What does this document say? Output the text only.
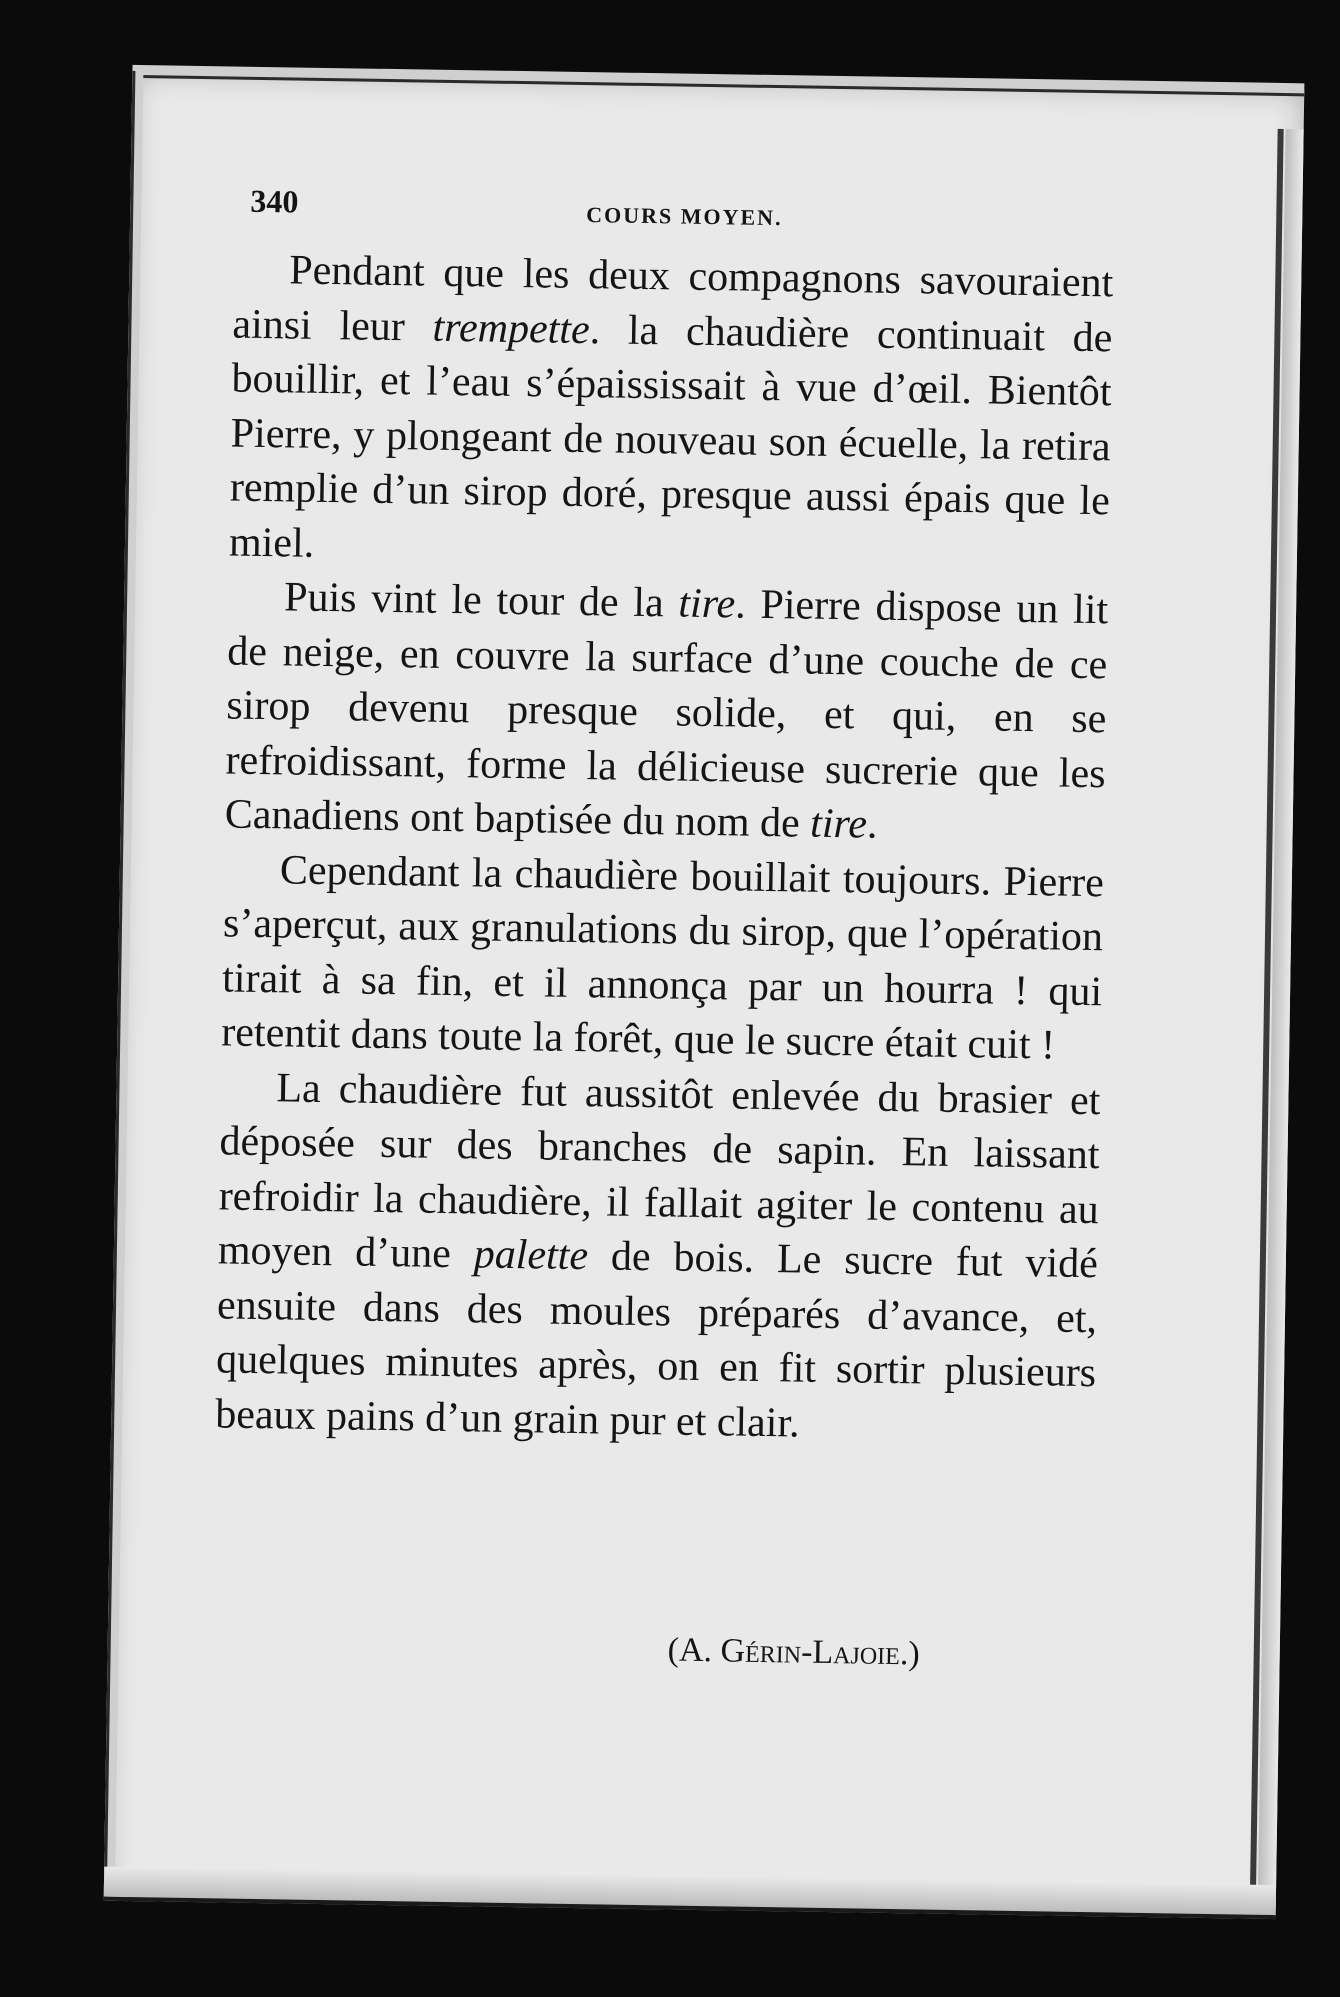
340	COURS MOYEN.

Pendant que les deux compagnons savouraient ainsi leur trempette. la chaudière continuait de bouillir, et l’eau s’épaississait à vue d’œil. Bientôt Pierre, y plongeant de nouveau son écuelle, la retira remplie d’un sirop doré, presque aussi épais que le miel.

Puis vint le tour de la tire. Pierre dispose un lit de neige, en couvre la surface d’une couche de ce sirop devenu presque solide, et qui, en se refroidissant, forme la délicieuse sucrerie que les Canadiens ont baptisée du nom de tire.

Cependant la chaudière bouillait toujours. Pierre s’aperçut, aux granulations du sirop, que l’opération tirait à sa fin, et il annonça par un hourra ! qui retentit dans toute la forêt, que le sucre était cuit !

La chaudière fut aussitôt enlevée du brasier et déposée sur des branches de sapin. En laissant refroidir la chaudière, il fallait agiter le contenu au moyen d’une palette de bois. Le sucre fut vidé ensuite dans des moules préparés d’avance, et, quelques minutes après, on en fit sortir plusieurs beaux pains d’un grain pur et clair.

(A. Gérin-Lajoie.)
